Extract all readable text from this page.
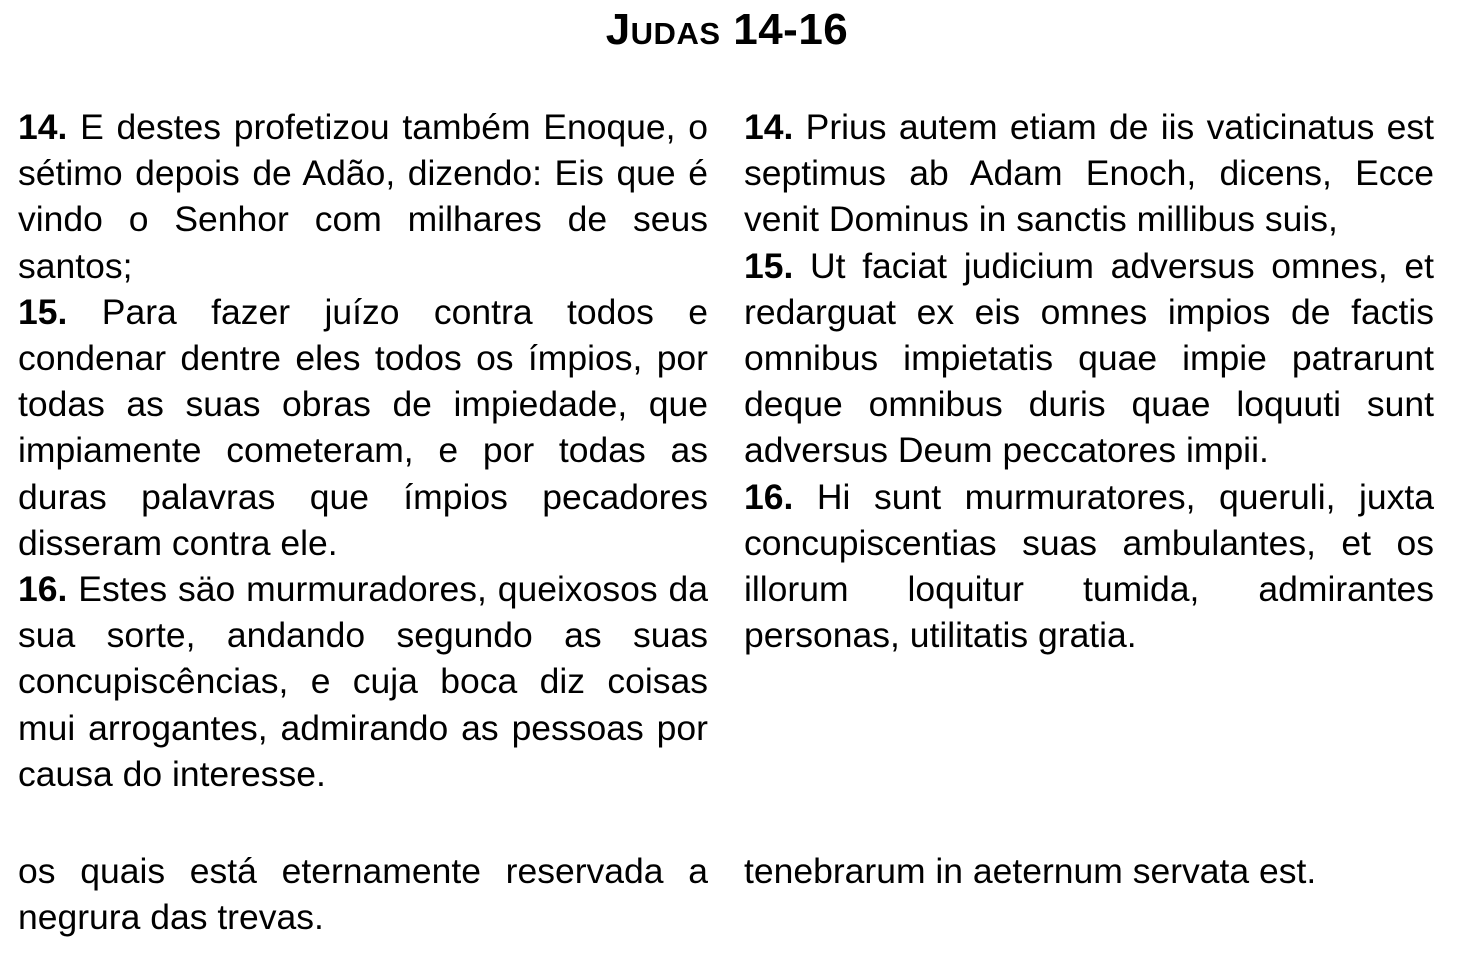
Judas 14-16

14. E destes profetizou também Enoque, o sétimo depois de Adão, dizendo: Eis que é vindo o Senhor com milhares de seus santos;

15. Para fazer juízo contra todos e condenar dentre eles todos os ímpios, por todas as suas obras de impiedade, que impiamente cometeram, e por todas as duras palavras que ímpios pecadores disseram contra ele.

16. Estes säo murmuradores, queixosos da sua sorte, andando segundo as suas concupiscências, e cuja boca diz coisas mui arrogantes, admirando as pessoas por causa do interesse.

14. Prius autem etiam de iis vaticinatus est septimus ab Adam Enoch, dicens, Ecce venit Dominus in sanctis millibus suis,

15. Ut faciat judicium adversus omnes, et redarguat ex eis omnes impios de factis omnibus impietatis quae impie patrarunt deque omnibus duris quae loquuti sunt adversus Deum peccatores impii.

16. Hi sunt murmuratores, queruli, juxta concupiscentias suas ambulantes, et os illorum loquitur tumida, admirantes personas, utilitatis gratia.

os quais está eternamente reservada a negrura das trevas.

tenebrarum in aeternum servata est.
